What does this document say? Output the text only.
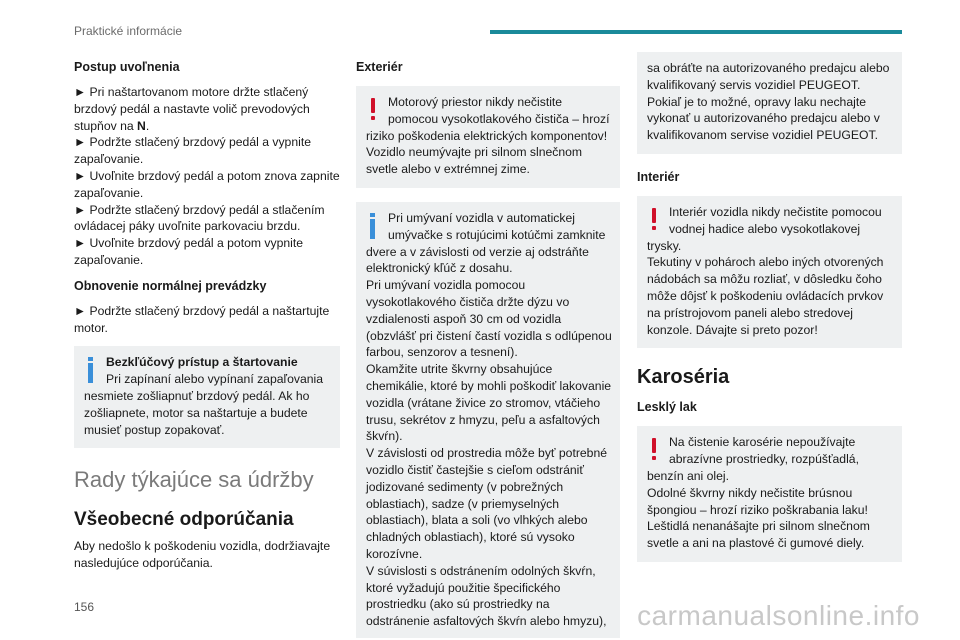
Praktické informácie
Postup uvoľnenia
► Pri naštartovanom motore držte stlačený brzdový pedál a nastavte volič prevodových stupňov na N.
► Podržte stlačený brzdový pedál a vypnite zapaľovanie.
► Uvoľnite brzdový pedál a potom znova zapnite zapaľovanie.
► Podržte stlačený brzdový pedál a stlačením ovládacej páky uvoľnite parkovaciu brzdu.
► Uvoľnite brzdový pedál a potom vypnite zapaľovanie.
Obnovenie normálnej prevádzky
► Podržte stlačený brzdový pedál a naštartujte motor.
Bezkľúčový prístup a štartovanie
Pri zapínaní alebo vypínaní zapaľovania nesmiete zošliapnuť brzdový pedál. Ak ho zošliapnete, motor sa naštartuje a budete musieť postup zopakovať.
Rady týkajúce sa údržby
Všeobecné odporúčania
Aby nedošlo k poškodeniu vozidla, dodržiavajte nasledujúce odporúčania.
Exteriér
Motorový priestor nikdy nečistite pomocou vysokotlakového čističa – hrozí riziko poškodenia elektrických komponentov! Vozidlo neumývajte pri silnom slnečnom svetle alebo v extrémnej zime.
Pri umývaní vozidla v automatickej umývačke s rotujúcimi kotúčmi zamknite dvere a v závislosti od verzie aj odstráňte elektronický kľúč z dosahu.
Pri umývaní vozidla pomocou vysokotlakového čističa držte dýzu vo vzdialenosti aspoň 30 cm od vozidla (obzvlášť pri čistení častí vozidla s odlúpenou farbou, senzorov a tesnení).
Okamžite utrite škvrny obsahujúce chemikálie, ktoré by mohli poškodiť lakovanie vozidla (vrátane živice zo stromov, vtáčieho trusu, sekrétov z hmyzu, peľu a asfaltových škvŕn).
V závislosti od prostredia môže byť potrebné vozidlo čistiť častejšie s cieľom odstrániť jodizované sedimenty (v pobrežných oblastiach), sadze (v priemyselných oblastiach), blata a soli (vo vlhkých alebo chladných oblastiach), ktoré sú vysoko korozívne.
V súvislosti s odstránením odolných škvŕn, ktoré vyžadujú použitie špecifického prostriedku (ako sú prostriedky na odstránenie asfaltových škvŕn alebo hmyzu),
sa obráťte na autorizovaného predajcu alebo kvalifikovaný servis vozidiel PEUGEOT. Pokiaľ je to možné, opravy laku nechajte vykonať u autorizovaného predajcu alebo v kvalifikovanom servise vozidiel PEUGEOT.
Interiér
Interiér vozidla nikdy nečistite pomocou vodnej hadice alebo vysokotlakovej trysky.
Tekutiny v pohároch alebo iných otvorených nádobách sa môžu rozliať, v dôsledku čoho môže dôjsť k poškodeniu ovládacích prvkov na prístrojovom paneli alebo stredovej konzole. Dávajte si preto pozor!
Karoséria
Lesklý lak
Na čistenie karosérie nepoužívajte abrazívne prostriedky, rozpúšťadlá, benzín ani olej.
Odolné škvrny nikdy nečistite brúsnou špongiou – hrozí riziko poškrabania laku! Leštidlá nenanášajte pri silnom slnečnom svetle a ani na plastové či gumové diely.
156	carmanualsonline.info
